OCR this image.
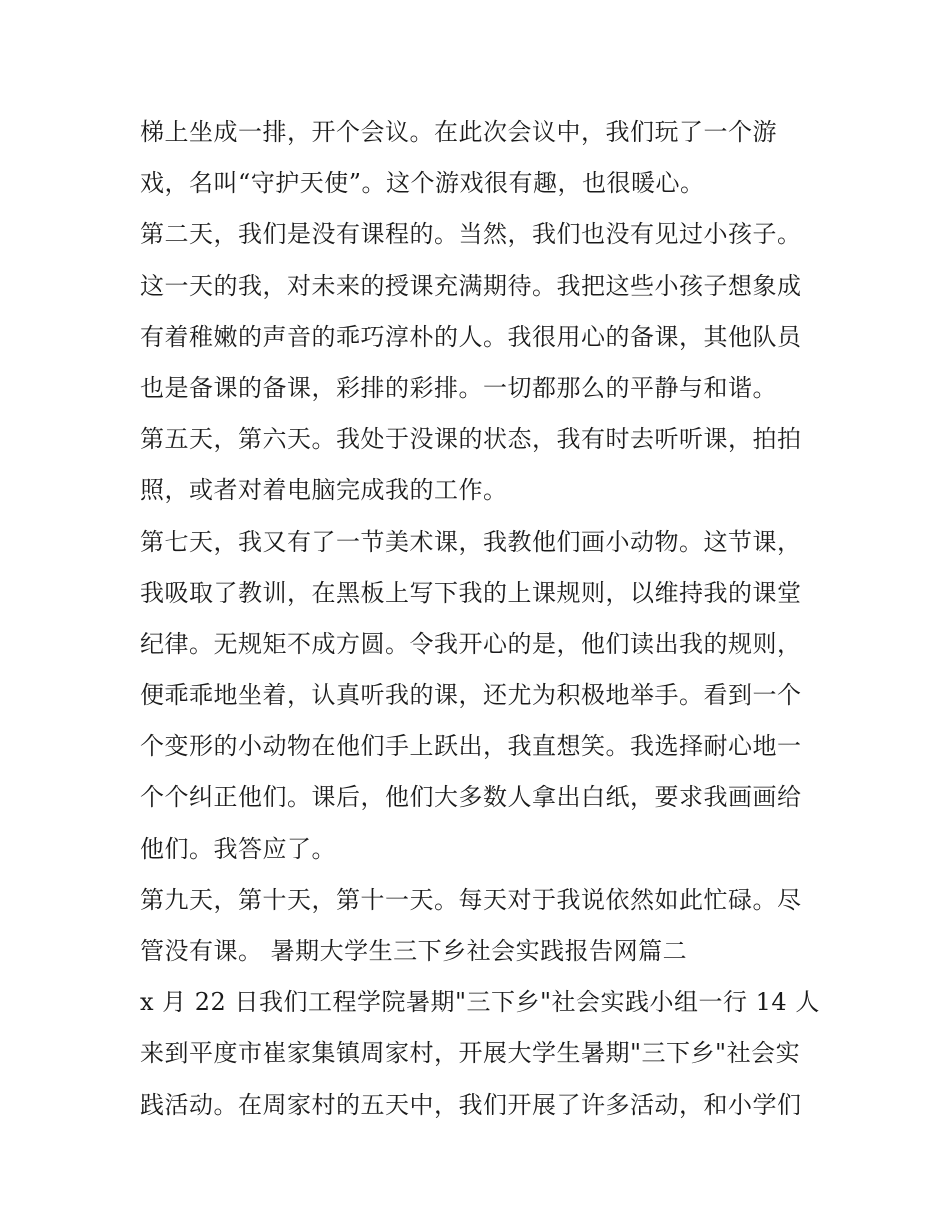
梯上坐成一排，开个会议。在此次会议中，我们玩了一个游
戏，名叫“守护天使”。这个游戏很有趣，也很暖心。
第二天，我们是没有课程的。当然，我们也没有见过小孩子。
这一天的我，对未来的授课充满期待。我把这些小孩子想象成
有着稚嫩的声音的乖巧淳朴的人。我很用心的备课，其他队员
也是备课的备课，彩排的彩排。一切都那么的平静与和谐。
第五天，第六天。我处于没课的状态，我有时去听听课，拍拍
照，或者对着电脑完成我的工作。
第七天，我又有了一节美术课，我教他们画小动物。这节课，
我吸取了教训，在黑板上写下我的上课规则，以维持我的课堂
纪律。无规矩不成方圆。令我开心的是，他们读出我的规则，
便乖乖地坐着，认真听我的课，还尤为积极地举手。看到一个
个变形的小动物在他们手上跃出，我直想笑。我选择耐心地一
个个纠正他们。课后，他们大多数人拿出白纸，要求我画画给
他们。我答应了。
第九天，第十天，第十一天。每天对于我说依然如此忙碌。尽
管没有课。 暑期大学生三下乡社会实践报告网篇二
x 月 22 日我们工程学院暑期"三下乡"社会实践小组一行 14 人
来到平度市崔家集镇周家村，开展大学生暑期"三下乡"社会实
践活动。在周家村的五天中，我们开展了许多活动，和小学们
